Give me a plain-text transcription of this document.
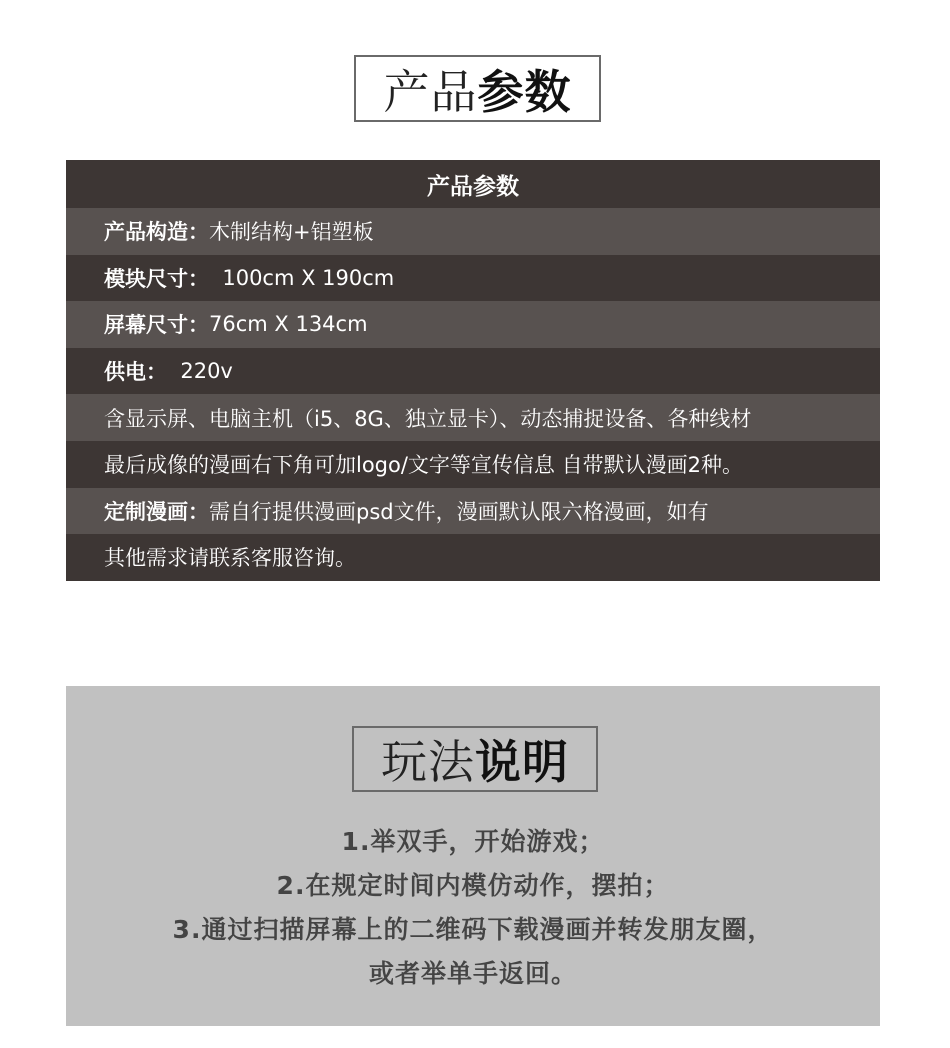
产品 参数
产品参数
产品构造： 木制结构+铝塑板
模块尺寸： 100cm X 190cm
屏幕尺寸： 76cm X 134cm
供电： 220v
含显示屏、电脑主机（i5、8G、独立显卡）、动态捕捉设备、各种线材
最后成像的漫画右下角可加logo/文字等宣传信息 自带默认漫画2种。
定制漫画： 需自行提供漫画psd文件，漫画默认限六格漫画，如有
其他需求请联系客服咨询。
玩法 说明
1.举双手，开始游戏；
2.在规定时间内模仿动作，摆拍；
3.通过扫描屏幕上的二维码下载漫画并转发朋友圈，
或者举单手返回。
